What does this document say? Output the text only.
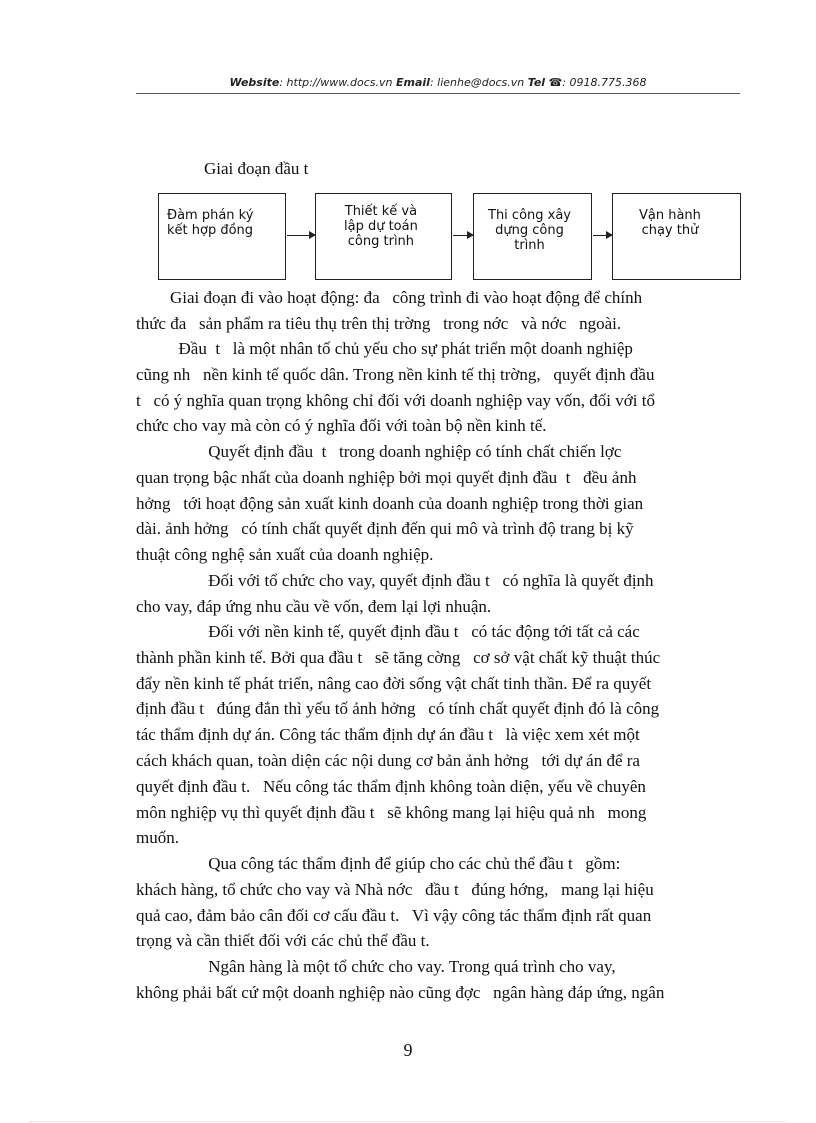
Website: http://www.docs.vn Email: lienhe@docs.vn Tel ☎: 0918.775.368
Giai đoạn đầu t
Đàm phán ký
kết hợp đồng
Thiết kế và
lập dự toán
công trình
Thi công xây
dựng công
trình
Vận hành
chạy thử
Giai đoạn đi vào hoạt động: đa   công trình đi vào hoạt động để chính
thức đa   sản phẩm ra tiêu thụ trên thị trờng   trong nớc   và nớc   ngoài.
Đầu  t   là một nhân tố chủ yếu cho sự phát triển một doanh nghiệp
cũng nh   nền kinh tế quốc dân. Trong nền kinh tế thị trờng,   quyết định đầu
t   có ý nghĩa quan trọng không chỉ đối với doanh nghiệp vay vốn, đối với tổ
chức cho vay mà còn có ý nghĩa đối với toàn bộ nền kinh tế.
Quyết định đầu  t   trong doanh nghiệp có tính chất chiến lợc
quan trọng bậc nhất của doanh nghiệp bởi mọi quyết định đầu  t   đều ảnh
hởng   tới hoạt động sản xuất kinh doanh của doanh nghiệp trong thời gian
dài. ảnh hởng   có tính chất quyết định đến qui mô và trình độ trang bị kỹ
thuật công nghệ sản xuất của doanh nghiệp.
Đối với tổ chức cho vay, quyết định đầu t   có nghĩa là quyết định
cho vay, đáp ứng nhu cầu về vốn, đem lại lợi nhuận.
Đối với nền kinh tế, quyết định đầu t   có tác động tới tất cả các
thành phần kinh tế. Bởi qua đầu t   sẽ tăng cờng   cơ sở vật chất kỹ thuật thúc
đẩy nền kinh tế phát triển, nâng cao đời sống vật chất tinh thần. Để ra quyết
định đầu t   đúng đắn thì yếu tố ảnh hởng   có tính chất quyết định đó là công
tác thẩm định dự án. Công tác thẩm định dự án đầu t   là việc xem xét một
cách khách quan, toàn diện các nội dung cơ bản ảnh hởng   tới dự án để ra
quyết định đầu t.   Nếu công tác thẩm định không toàn diện, yếu về chuyên
môn nghiệp vụ thì quyết định đầu t   sẽ không mang lại hiệu quả nh   mong
muốn.
Qua công tác thẩm định để giúp cho các chủ thể đầu t   gồm:
khách hàng, tổ chức cho vay và Nhà nớc   đầu t   đúng hớng,   mang lại hiệu
quả cao, đảm bảo cân đối cơ cấu đầu t.   Vì vậy công tác thẩm định rất quan
trọng và cần thiết đối với các chủ thể đầu t.
Ngân hàng là một tổ chức cho vay. Trong quá trình cho vay,
không phải bất cứ một doanh nghiệp nào cũng đợc   ngân hàng đáp ứng, ngân
9
